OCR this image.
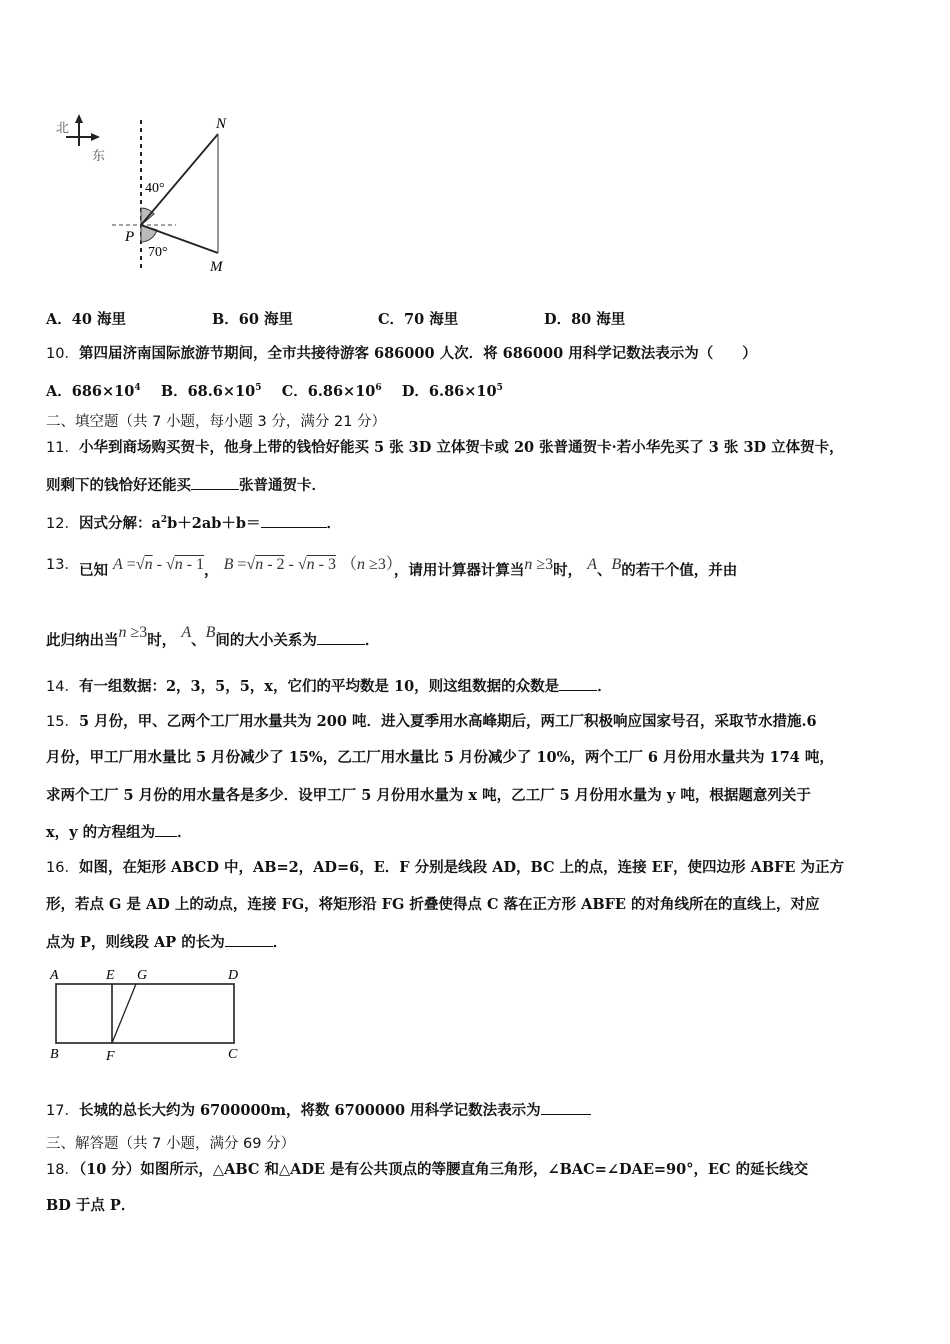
北
东
N
P
M
40°
70°
A．40 海里	B．60 海里	C．70 海里	D．80 海里
10．第四届济南国际旅游节期间，全市共接待游客 686000 人次．将 686000 用科学记数法表示为（　　）
A．$686\times 10^4$ B．$68.6\times 10^5$ C．$6.86\times 10^6$ D．$6.86\times 10^5$
二、填空题（共 7 小题，每小题 3 分，满分 21 分）
11．小华到商场购买贺卡，他身上带的钱恰好能买 5 张 3D 立体贺卡或 20 张普通贺卡·若小华先买了 3 张 3D 立体贺卡，
则剩下的钱恰好还能买	张普通贺卡．
12．因式分解：$a^2b+2ab+b=$	．
13．已知 A =√n - √n - 1， B =√n - 2 - √n - 3 （n ≥3），请用计算器计算当n ≥3时， A、B的若干个值，并由
此归纳出当n ≥3时， A、B间的大小关系为	．
14．有一组数据：2，3，5，5，x，它们的平均数是 10，则这组数据的众数是	．
15．5 月份，甲、乙两个工厂用水量共为 200 吨．进入夏季用水高峰期后，两工厂积极响应国家号召，采取节水措施.6
月份，甲工厂用水量比 5 月份减少了 15%，乙工厂用水量比 5 月份减少了 10%，两个工厂 6 月份用水量共为 174 吨，
求两个工厂 5 月份的用水量各是多少．设甲工厂 5 月份用水量为 x 吨，乙工厂 5 月份用水量为 y 吨，根据题意列关于
x，y 的方程组为 ．
16．如图，在矩形 ABCD 中，AB=2，AD=6，E．F 分别是线段 AD，BC 上的点，连接 EF，使四边形 ABFE 为正方
形，若点 G 是 AD 上的动点，连接 FG，将矩形沿 FG 折叠使得点 C 落在正方形 ABFE 的对角线所在的直线上，对应
点为 P，则线段 AP 的长为	．
A	E G	D
B	F	C
17．长城的总长大约为 6700000m，将数 6700000 用科学记数法表示为
三、解答题（共 7 小题，满分 69 分）
18．（10 分）如图所示，△ABC 和△ADE 是有公共顶点的等腰直角三角形，∠BAC=∠DAE=90°，EC 的延长线交
BD 于点 P．
